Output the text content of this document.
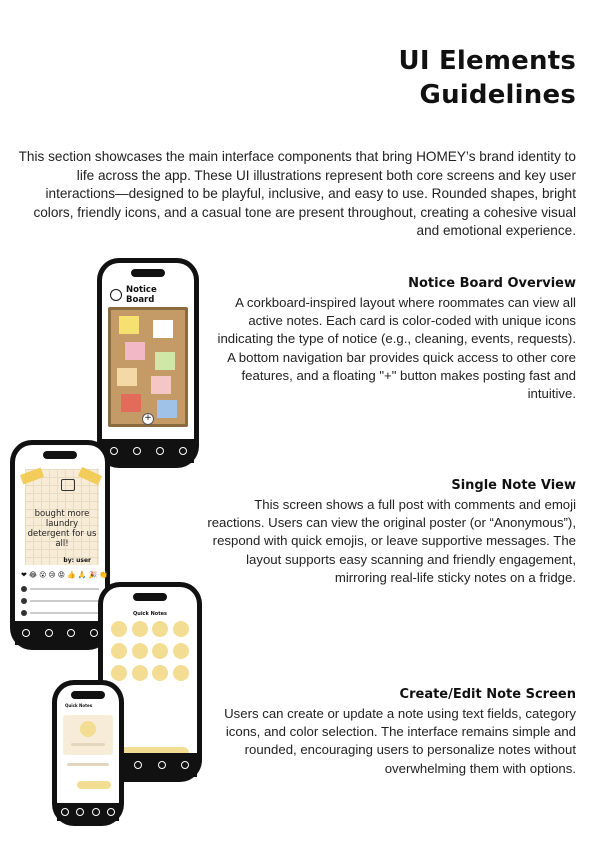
UI Elements
Guidelines

This section showcases the main interface components that bring HOMEY’s brand identity to life across the app. These UI illustrations represent both core screens and key user interactions—designed to be playful, inclusive, and easy to use. Rounded shapes, bright colors, friendly icons, and a casual tone are present throughout, creating a cohesive visual and emotional experience.

Notice Board Overview

A corkboard-inspired layout where roommates can view all active notes. Each card is color-coded with unique icons indicating the type of notice (e.g., cleaning, events, requests). A bottom navigation bar provides quick access to other core features, and a floating "+" button makes posting fast and intuitive.

Single Note View

This screen shows a full post with comments and emoji reactions. Users can view the original poster (or “Anonymous”), respond with quick emojis, or leave supportive messages. The layout supports easy scanning and friendly engagement, mirroring real-life sticky notes on a fridge.

Create/Edit Note Screen

Users can create or update a note using text fields, category icons, and color selection. The interface remains simple and rounded, encouraging users to personalize notes without overwhelming them with options.

Notice Board
+
bought more laundry detergent for us all!
by: user
❤ 😂 😮 😢 😡 👍 🙏 🎉 👏
Quick Notes
Quick Notes
